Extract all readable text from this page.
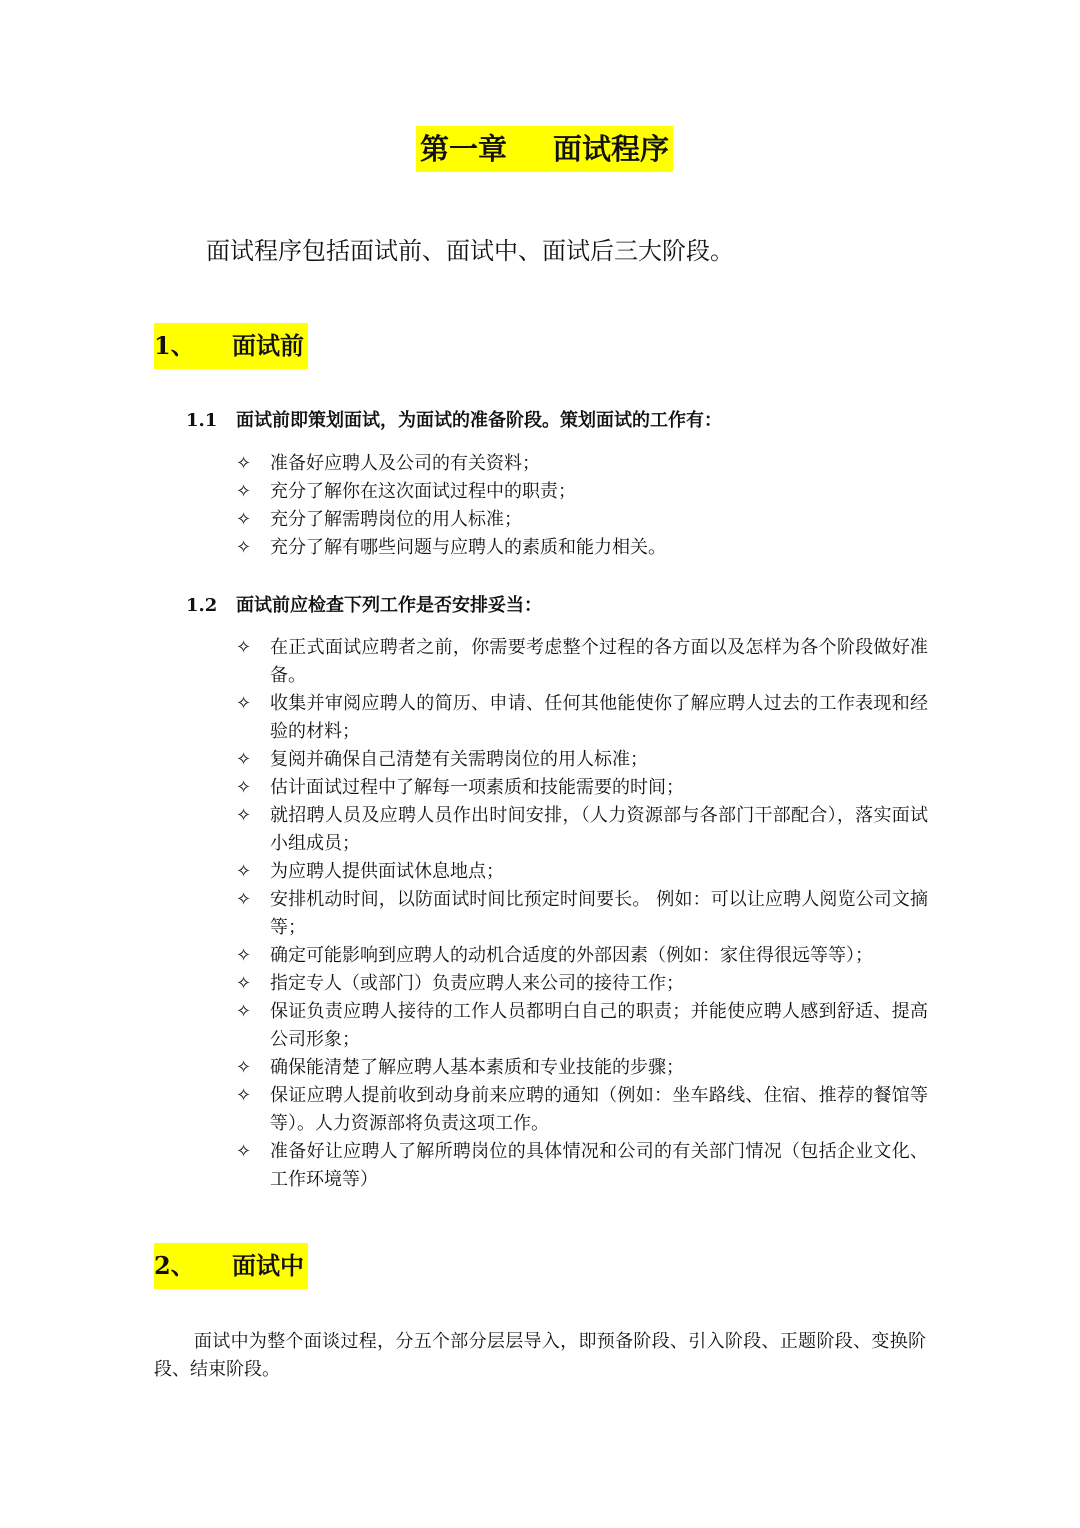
第一章 面试程序
面试程序包括面试前、面试中、面试后三大阶段。
1、 面试前
1.1 面试前即策划面试，为面试的准备阶段。策划面试的工作有：
✧ 准备好应聘人及公司的有关资料；
✧ 充分了解你在这次面试过程中的职责；
✧ 充分了解需聘岗位的用人标准；
✧ 充分了解有哪些问题与应聘人的素质和能力相关。
1.2 面试前应检查下列工作是否安排妥当：
✧ 在正式面试应聘者之前，你需要考虑整个过程的各方面以及怎样为各个阶段做好准备。
✧ 收集并审阅应聘人的简历、申请、任何其他能使你了解应聘人过去的工作表现和经验的材料；
✧ 复阅并确保自己清楚有关需聘岗位的用人标准；
✧ 估计面试过程中了解每一项素质和技能需要的时间；
✧ 就招聘人员及应聘人员作出时间安排，（人力资源部与各部门干部配合），落实面试小组成员；
✧ 为应聘人提供面试休息地点；
✧ 安排机动时间，以防面试时间比预定时间要长。 例如：可以让应聘人阅览公司文摘等；
✧ 确定可能影响到应聘人的动机合适度的外部因素（例如：家住得很远等等）；
✧ 指定专人（或部门）负责应聘人来公司的接待工作；
✧ 保证负责应聘人接待的工作人员都明白自己的职责；并能使应聘人感到舒适、提高公司形象；
✧ 确保能清楚了解应聘人基本素质和专业技能的步骤；
✧ 保证应聘人提前收到动身前来应聘的通知（例如：坐车路线、住宿、推荐的餐馆等等）。人力资源部将负责这项工作。
✧ 准备好让应聘人了解所聘岗位的具体情况和公司的有关部门情况（包括企业文化、工作环境等）
2、 面试中
面试中为整个面谈过程，分五个部分层层导入，即预备阶段、引入阶段、正题阶段、变换阶段、结束阶段。
